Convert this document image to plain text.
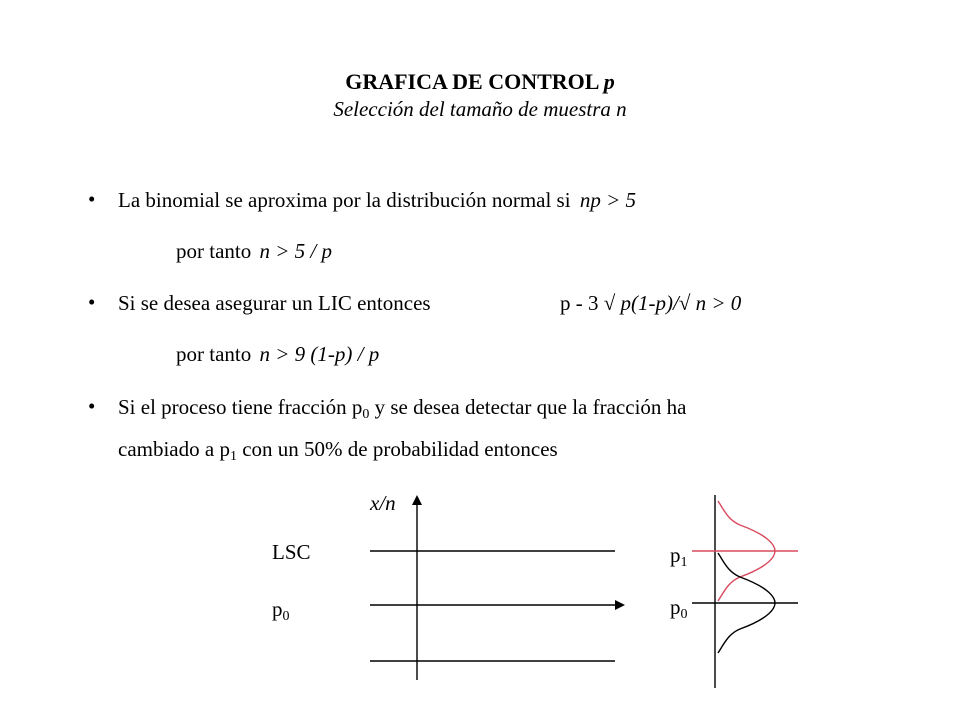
GRAFICA DE CONTROL p
Selección del tamaño de muestra n
• La binomial se aproxima por la distribución normal si np > 5
por tanto n > 5 / p
• Si se desea asegurar un LIC entonces	p - 3 √ p(1-p)/√ n > 0
por tanto n > 9 (1-p) / p
• Si el proceso tiene fracción $p_0$ y se desea detectar que la fracción ha
cambiado a $p_1$ con un 50% de probabilidad entonces
x/n
LSC
$p_0$
$p_1$
$p_0$
